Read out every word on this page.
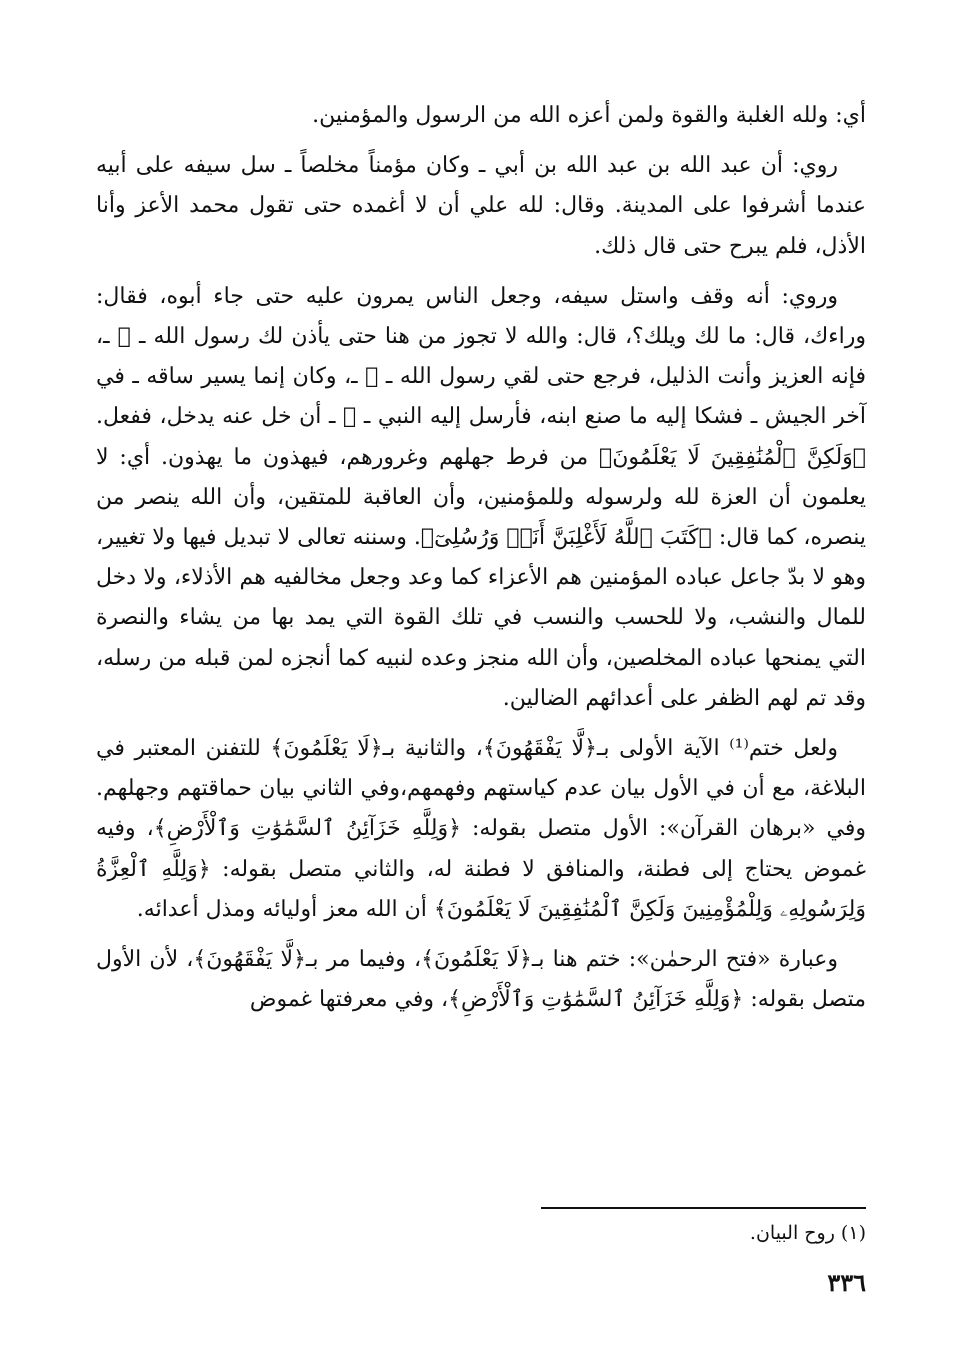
أي: ولله الغلبة والقوة ولمن أعزه الله من الرسول والمؤمنين.

روي: أن عبد الله بن عبد الله بن أبي ـ وكان مؤمناً مخلصاً ـ سل سيفه على أبيه عندما أشرفوا على المدينة. وقال: لله علي أن لا أغمده حتى تقول محمد الأعز وأنا الأذل، فلم يبرح حتى قال ذلك.

وروي: أنه وقف واستل سيفه، وجعل الناس يمرون عليه حتى جاء أبوه، فقال: وراءك، قال: ما لك ويلك؟، قال: والله لا تجوز من هنا حتى يأذن لك رسول الله ـ ﷺ ـ، فإنه العزيز وأنت الذليل، فرجع حتى لقي رسول الله ـ ﷺ ـ، وكان إنما يسير ساقه ـ في آخر الجيش ـ فشكا إليه ما صنع ابنه، فأرسل إليه النبي ـ ﷺ ـ أن خل عنه يدخل، ففعل. ﴿وَلَكِنَّ ٱلْمُنَٰفِقِينَ لَا يَعْلَمُونَ﴾ من فرط جهلهم وغرورهم، فيهذون ما يهذون. أي: لا يعلمون أن العزة لله ولرسوله وللمؤمنين، وأن العاقبة للمتقين، وأن الله ينصر من ينصره، كما قال: ﴿كَتَبَ ٱللَّهُ لَأَغْلِبَنَّ أَنَا۠ وَرُسُلِىٓ﴾. وسننه تعالى لا تبديل فيها ولا تغيير، وهو لا بدّ جاعل عباده المؤمنين هم الأعزاء كما وعد وجعل مخالفيه هم الأذلاء، ولا دخل للمال والنشب، ولا للحسب والنسب في تلك القوة التي يمد بها من يشاء والنصرة التي يمنحها عباده المخلصين، وأن الله منجز وعده لنبيه كما أنجزه لمن قبله من رسله، وقد تم لهم الظفر على أعدائهم الضالين.

ولعل ختم⁽¹⁾ الآية الأولى بـ﴿لَّا يَفْقَهُونَ﴾، والثانية بـ﴿لَا يَعْلَمُونَ﴾ للتفنن المعتبر في البلاغة، مع أن في الأول بيان عدم كياستهم وفهمهم،وفي الثاني بيان حماقتهم وجهلهم. وفي «برهان القرآن»: الأول متصل بقوله: ﴿وَلِلَّهِ خَزَآئِنُ ٱلسَّمَٰوَٰتِ وَٱلْأَرْضِ﴾، وفيه غموض يحتاج إلى فطنة، والمنافق لا فطنة له، والثاني متصل بقوله: ﴿وَلِلَّهِ ٱلْعِزَّةُ وَلِرَسُولِهِۦ وَلِلْمُؤْمِنِينَ وَلَكِنَّ ٱلْمُنَٰفِقِينَ لَا يَعْلَمُونَ﴾ أن الله معز أوليائه ومذل أعدائه.

وعبارة «فتح الرحمٰن»: ختم هنا بـ﴿لَا يَعْلَمُونَ﴾، وفيما مر بـ﴿لَّا يَفْقَهُونَ﴾، لأن الأول متصل بقوله: ﴿وَلِلَّهِ خَزَآئِنُ ٱلسَّمَٰوَٰتِ وَٱلْأَرْضِ﴾، وفي معرفتها غموض

(١) روح البيان.
٣٣٦
